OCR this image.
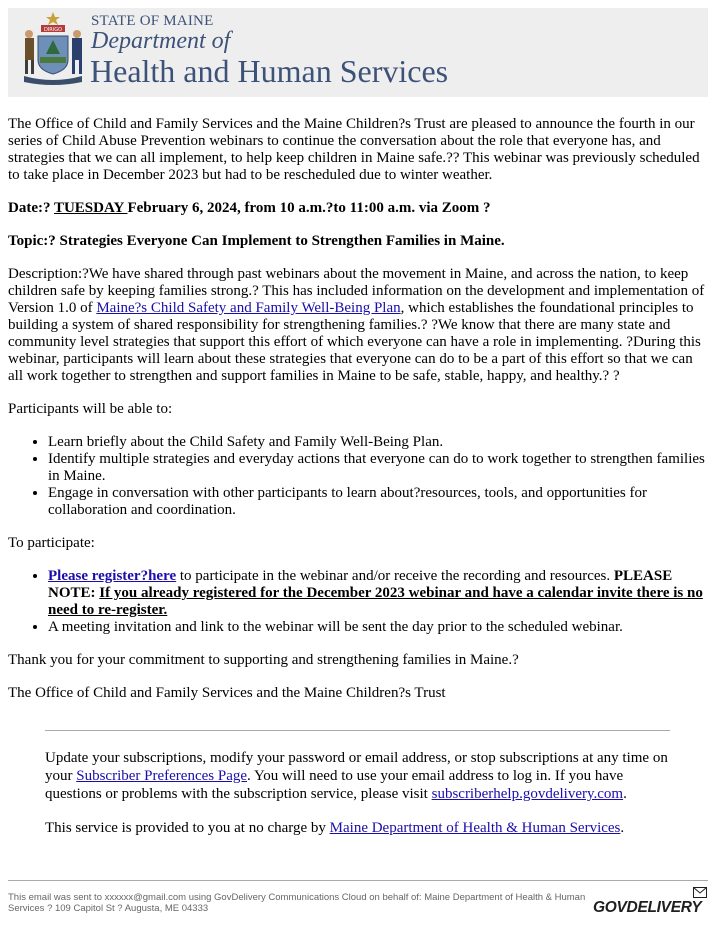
DIRIGO
STATE OF MAINE
Department of
Health and Human Services

The Office of Child and Family Services and the Maine Children?s Trust are pleased to announce the fourth in our series of Child Abuse Prevention webinars to continue the conversation about the role that everyone has, and strategies that we can all implement, to help keep children in Maine safe.?? This webinar was previously scheduled to take place in December 2023 but had to be rescheduled due to winter weather.

Date:? TUESDAY February 6, 2024, from 10 a.m.?to 11:00 a.m. via Zoom ?

Topic:? Strategies Everyone Can Implement to Strengthen Families in Maine.

Description:?We have shared through past webinars about the movement in Maine, and across the nation, to keep children safe by keeping families strong.? This has included information on the development and implementation of Version 1.0 of Maine?s Child Safety and Family Well-Being Plan, which establishes the foundational principles to building a system of shared responsibility for strengthening families.? ?We know that there are many state and community level strategies that support this effort of which everyone can have a role in implementing. ?During this webinar, participants will learn about these strategies that everyone can do to be a part of this effort so that we can all work together to strengthen and support families in Maine to be safe, stable, happy, and healthy.? ?

Participants will be able to:

• Learn briefly about the Child Safety and Family Well-Being Plan.
• Identify multiple strategies and everyday actions that everyone can do to work together to strengthen families in Maine.
• Engage in conversation with other participants to learn about?resources, tools, and opportunities for collaboration and coordination.

To participate:

• Please register?here to participate in the webinar and/or receive the recording and resources. PLEASE NOTE: If you already registered for the December 2023 webinar and have a calendar invite there is no need to re-register.
• A meeting invitation and link to the webinar will be sent the day prior to the scheduled webinar.

Thank you for your commitment to supporting and strengthening families in Maine.?

The Office of Child and Family Services and the Maine Children?s Trust

Update your subscriptions, modify your password or email address, or stop subscriptions at any time on your Subscriber Preferences Page. You will need to use your email address to log in. If you have questions or problems with the subscription service, please visit subscriberhelp.govdelivery.com.

This service is provided to you at no charge by Maine Department of Health & Human Services.

This email was sent to xxxxxx@gmail.com using GovDelivery Communications Cloud on behalf of: Maine Department of Health & Human Services ? 109 Capitol St ? Augusta, ME 04333	GOVDELIVERY
